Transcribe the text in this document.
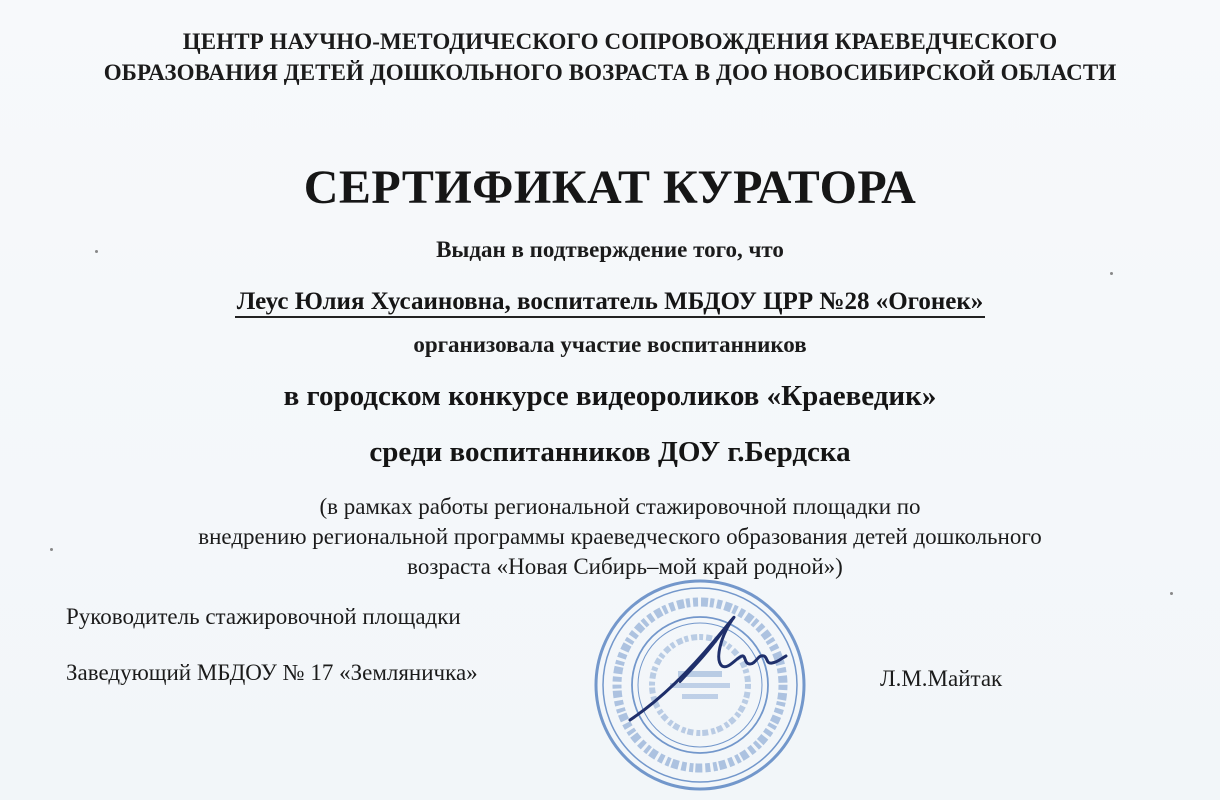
ЦЕНТР НАУЧНО-МЕТОДИЧЕСКОГО СОПРОВОЖДЕНИЯ КРАЕВЕДЧЕСКОГО
ОБРАЗОВАНИЯ ДЕТЕЙ ДОШКОЛЬНОГО ВОЗРАСТА В ДОО НОВОСИБИРСКОЙ ОБЛАСТИ
СЕРТИФИКАТ КУРАТОРА
Выдан в подтверждение того, что
Леус Юлия Хусаиновна, воспитатель МБДОУ ЦРР №28 «Огонек»
организовала участие воспитанников
в городском конкурсе видеороликов «Краеведик»
среди воспитанников ДОУ г.Бердска
(в рамках работы региональной стажировочной площадки по
внедрению региональной программы краеведческого образования детей дошкольного
возраста «Новая Сибирь–мой край родной»)
Руководитель стажировочной площадки
Заведующий МБДОУ № 17 «Земляничка»	Л.М.Майтак
